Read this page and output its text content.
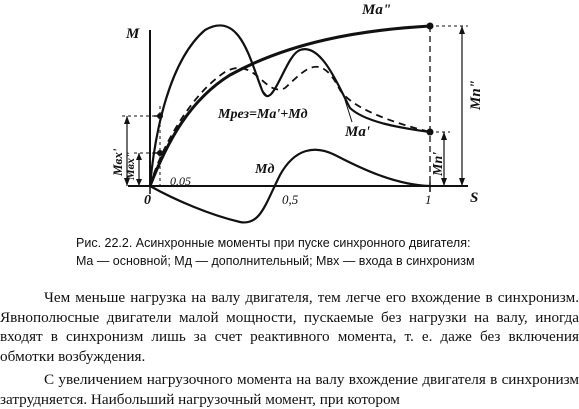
M
S
0
0.05
0,5	1
Ma"
Ma'
Mрез=Ma'+Mд
Mд
Mп"
Mп'
Mвх'
Mвх"
Рис. 22.2. Асинхронные моменты при пуске синхронного двигателя:
Mа — основной; Mд — дополнительный; Mвх — входа в синхронизм

Чем меньше нагрузка на валу двигателя, тем легче его вхождение в синхронизм. Явнополюсные двигатели малой мощности, пускаемые без нагрузки на валу, иногда входят в синхронизм лишь за счет реактивного момента, т. е. даже без включения обмотки возбуждения.

С увеличением нагрузочного момента на валу вхождение двигателя в синхронизм затрудняется. Наибольший нагрузочный момент, при котором
